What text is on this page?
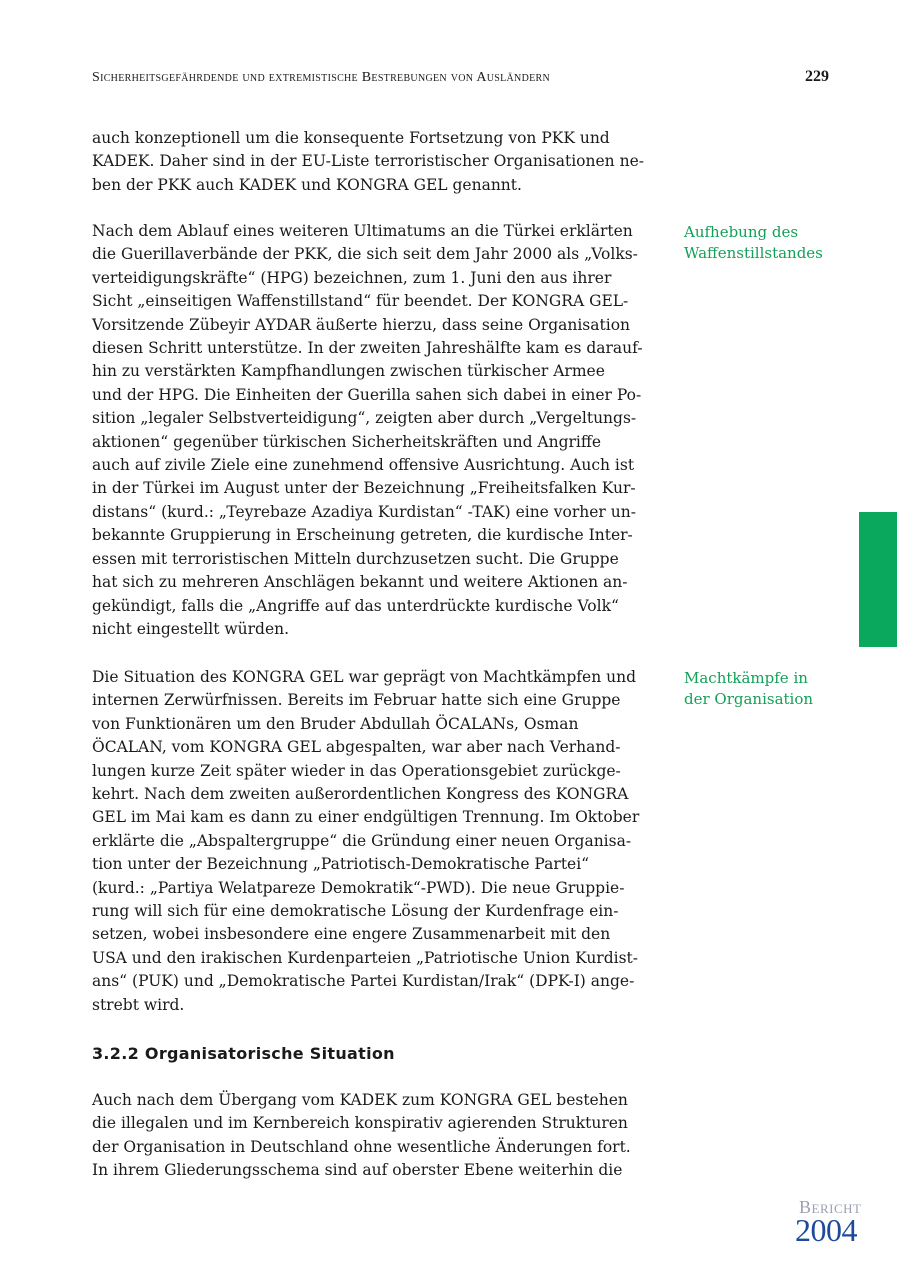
Sicherheitsgefährdende und extremistische Bestrebungen von Ausländern	229
auch konzeptionell um die konsequente Fortsetzung von PKK und
KADEK. Daher sind in der EU-Liste terroristischer Organisationen ne-
ben der PKK auch KADEK und KONGRA GEL genannt.
Nach dem Ablauf eines weiteren Ultimatums an die Türkei erklärten
die Guerillaverbände der PKK, die sich seit dem Jahr 2000 als „Volks-
verteidigungskräfte“ (HPG) bezeichnen, zum 1. Juni den aus ihrer
Sicht „einseitigen Waffenstillstand“ für beendet. Der KONGRA GEL-
Vorsitzende Zübeyir AYDAR äußerte hierzu, dass seine Organisation
diesen Schritt unterstütze. In der zweiten Jahreshälfte kam es darauf-
hin zu verstärkten Kampfhandlungen zwischen türkischer Armee
und der HPG. Die Einheiten der Guerilla sahen sich dabei in einer Po-
sition „legaler Selbstverteidigung“, zeigten aber durch „Vergeltungs-
aktionen“ gegenüber türkischen Sicherheitskräften und Angriffe
auch auf zivile Ziele eine zunehmend offensive Ausrichtung. Auch ist
in der Türkei im August unter der Bezeichnung „Freiheitsfalken Kur-
distans“ (kurd.: „Teyrebaze Azadiya Kurdistan“ -TAK) eine vorher un-
bekannte Gruppierung in Erscheinung getreten, die kurdische Inter-
essen mit terroristischen Mitteln durchzusetzen sucht. Die Gruppe
hat sich zu mehreren Anschlägen bekannt und weitere Aktionen an-
gekündigt, falls die „Angriffe auf das unterdrückte kurdische Volk“
nicht eingestellt würden.
Die Situation des KONGRA GEL war geprägt von Machtkämpfen und
internen Zerwürfnissen. Bereits im Februar hatte sich eine Gruppe
von Funktionären um den Bruder Abdullah ÖCALANs, Osman
ÖCALAN, vom KONGRA GEL abgespalten, war aber nach Verhand-
lungen kurze Zeit später wieder in das Operationsgebiet zurückge-
kehrt. Nach dem zweiten außerordentlichen Kongress des KONGRA
GEL im Mai kam es dann zu einer endgültigen Trennung. Im Oktober
erklärte die „Abspaltergruppe“ die Gründung einer neuen Organisa-
tion unter der Bezeichnung „Patriotisch-Demokratische Partei“
(kurd.: „Partiya Welatpareze Demokratik“-PWD). Die neue Gruppie-
rung will sich für eine demokratische Lösung der Kurdenfrage ein-
setzen, wobei insbesondere eine engere Zusammenarbeit mit den
USA und den irakischen Kurdenparteien „Patriotische Union Kurdist-
ans“ (PUK) und „Demokratische Partei Kurdistan/Irak“ (DPK-I) ange-
strebt wird.
3.2.2 Organisatorische Situation
Auch nach dem Übergang vom KADEK zum KONGRA GEL bestehen
die illegalen und im Kernbereich konspirativ agierenden Strukturen
der Organisation in Deutschland ohne wesentliche Änderungen fort.
In ihrem Gliederungsschema sind auf oberster Ebene weiterhin die
Aufhebung des
Waffenstillstandes
Machtkämpfe in
der Organisation
Bericht
2004
